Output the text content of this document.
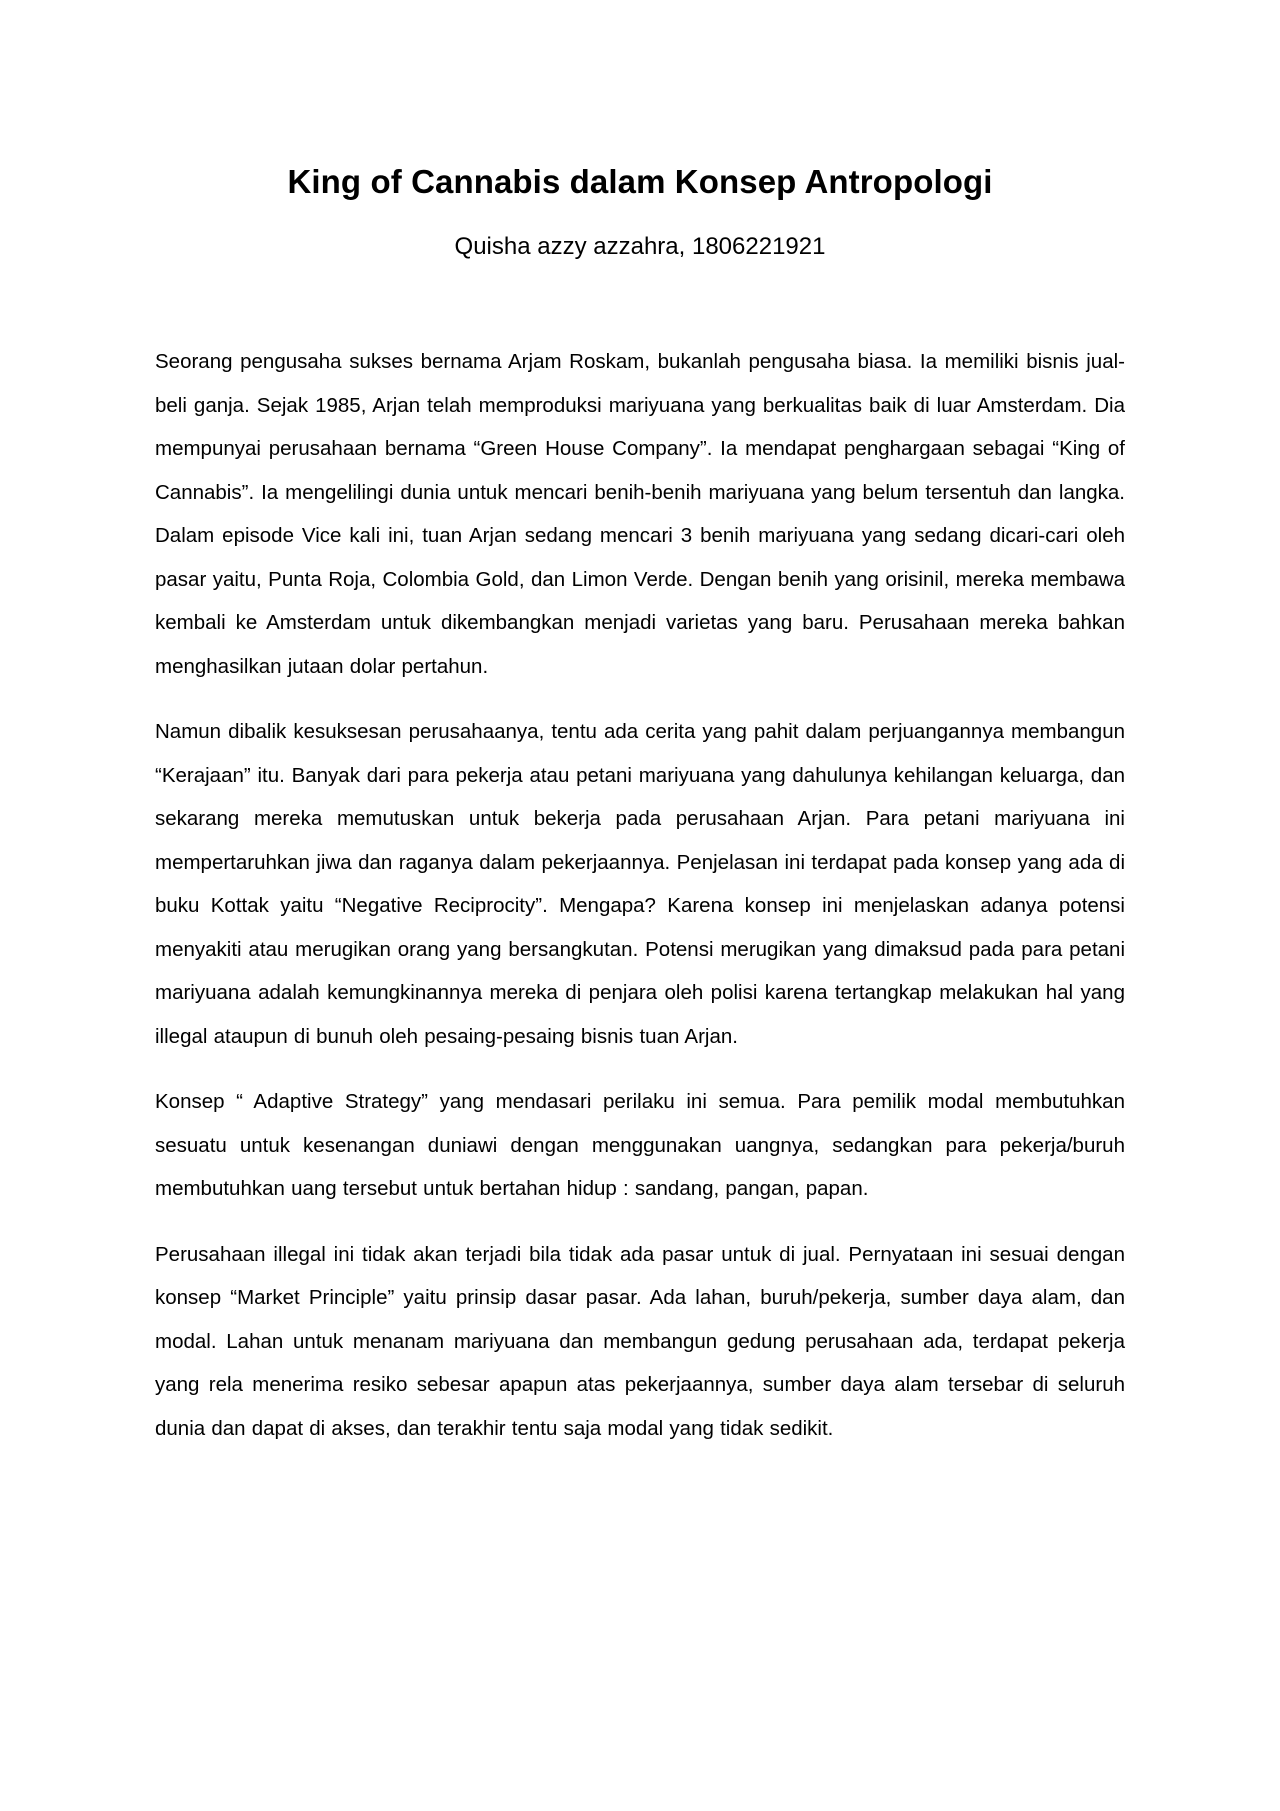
King of Cannabis dalam Konsep Antropologi

Quisha azzy azzahra, 1806221921

Seorang pengusaha sukses bernama Arjam Roskam, bukanlah pengusaha biasa. Ia memiliki bisnis jual-beli ganja. Sejak 1985, Arjan telah memproduksi mariyuana yang berkualitas baik di luar Amsterdam. Dia mempunyai perusahaan bernama “Green House Company”. Ia mendapat penghargaan sebagai “King of Cannabis”. Ia mengelilingi dunia untuk mencari benih-benih mariyuana yang belum tersentuh dan langka. Dalam episode Vice kali ini, tuan Arjan sedang mencari 3 benih mariyuana yang sedang dicari-cari oleh pasar yaitu, Punta Roja, Colombia Gold, dan Limon Verde. Dengan benih yang orisinil, mereka membawa kembali ke Amsterdam untuk dikembangkan menjadi varietas yang baru. Perusahaan mereka bahkan menghasilkan jutaan dolar pertahun.

Namun dibalik kesuksesan perusahaanya, tentu ada cerita yang pahit dalam perjuangannya membangun “Kerajaan” itu. Banyak dari para pekerja atau petani mariyuana yang dahulunya kehilangan keluarga, dan sekarang mereka memutuskan untuk bekerja pada perusahaan Arjan. Para petani mariyuana ini mempertaruhkan jiwa dan raganya dalam pekerjaannya. Penjelasan ini terdapat pada konsep yang ada di buku Kottak yaitu “Negative Reciprocity”. Mengapa? Karena konsep ini menjelaskan adanya potensi menyakiti atau merugikan orang yang bersangkutan. Potensi merugikan yang dimaksud pada para petani mariyuana adalah kemungkinannya mereka di penjara oleh polisi karena tertangkap melakukan hal yang illegal ataupun di bunuh oleh pesaing-pesaing bisnis tuan Arjan.

Konsep “ Adaptive Strategy” yang mendasari perilaku ini semua. Para pemilik modal membutuhkan sesuatu untuk kesenangan duniawi dengan menggunakan uangnya, sedangkan para pekerja/buruh membutuhkan uang tersebut untuk bertahan hidup : sandang, pangan, papan.

Perusahaan illegal ini tidak akan terjadi bila tidak ada pasar untuk di jual. Pernyataan ini sesuai dengan konsep “Market Principle” yaitu prinsip dasar pasar. Ada lahan, buruh/pekerja, sumber daya alam, dan modal. Lahan untuk menanam mariyuana dan membangun gedung perusahaan ada, terdapat pekerja yang rela menerima resiko sebesar apapun atas pekerjaannya, sumber daya alam tersebar di seluruh dunia dan dapat di akses, dan terakhir tentu saja modal yang tidak sedikit.
